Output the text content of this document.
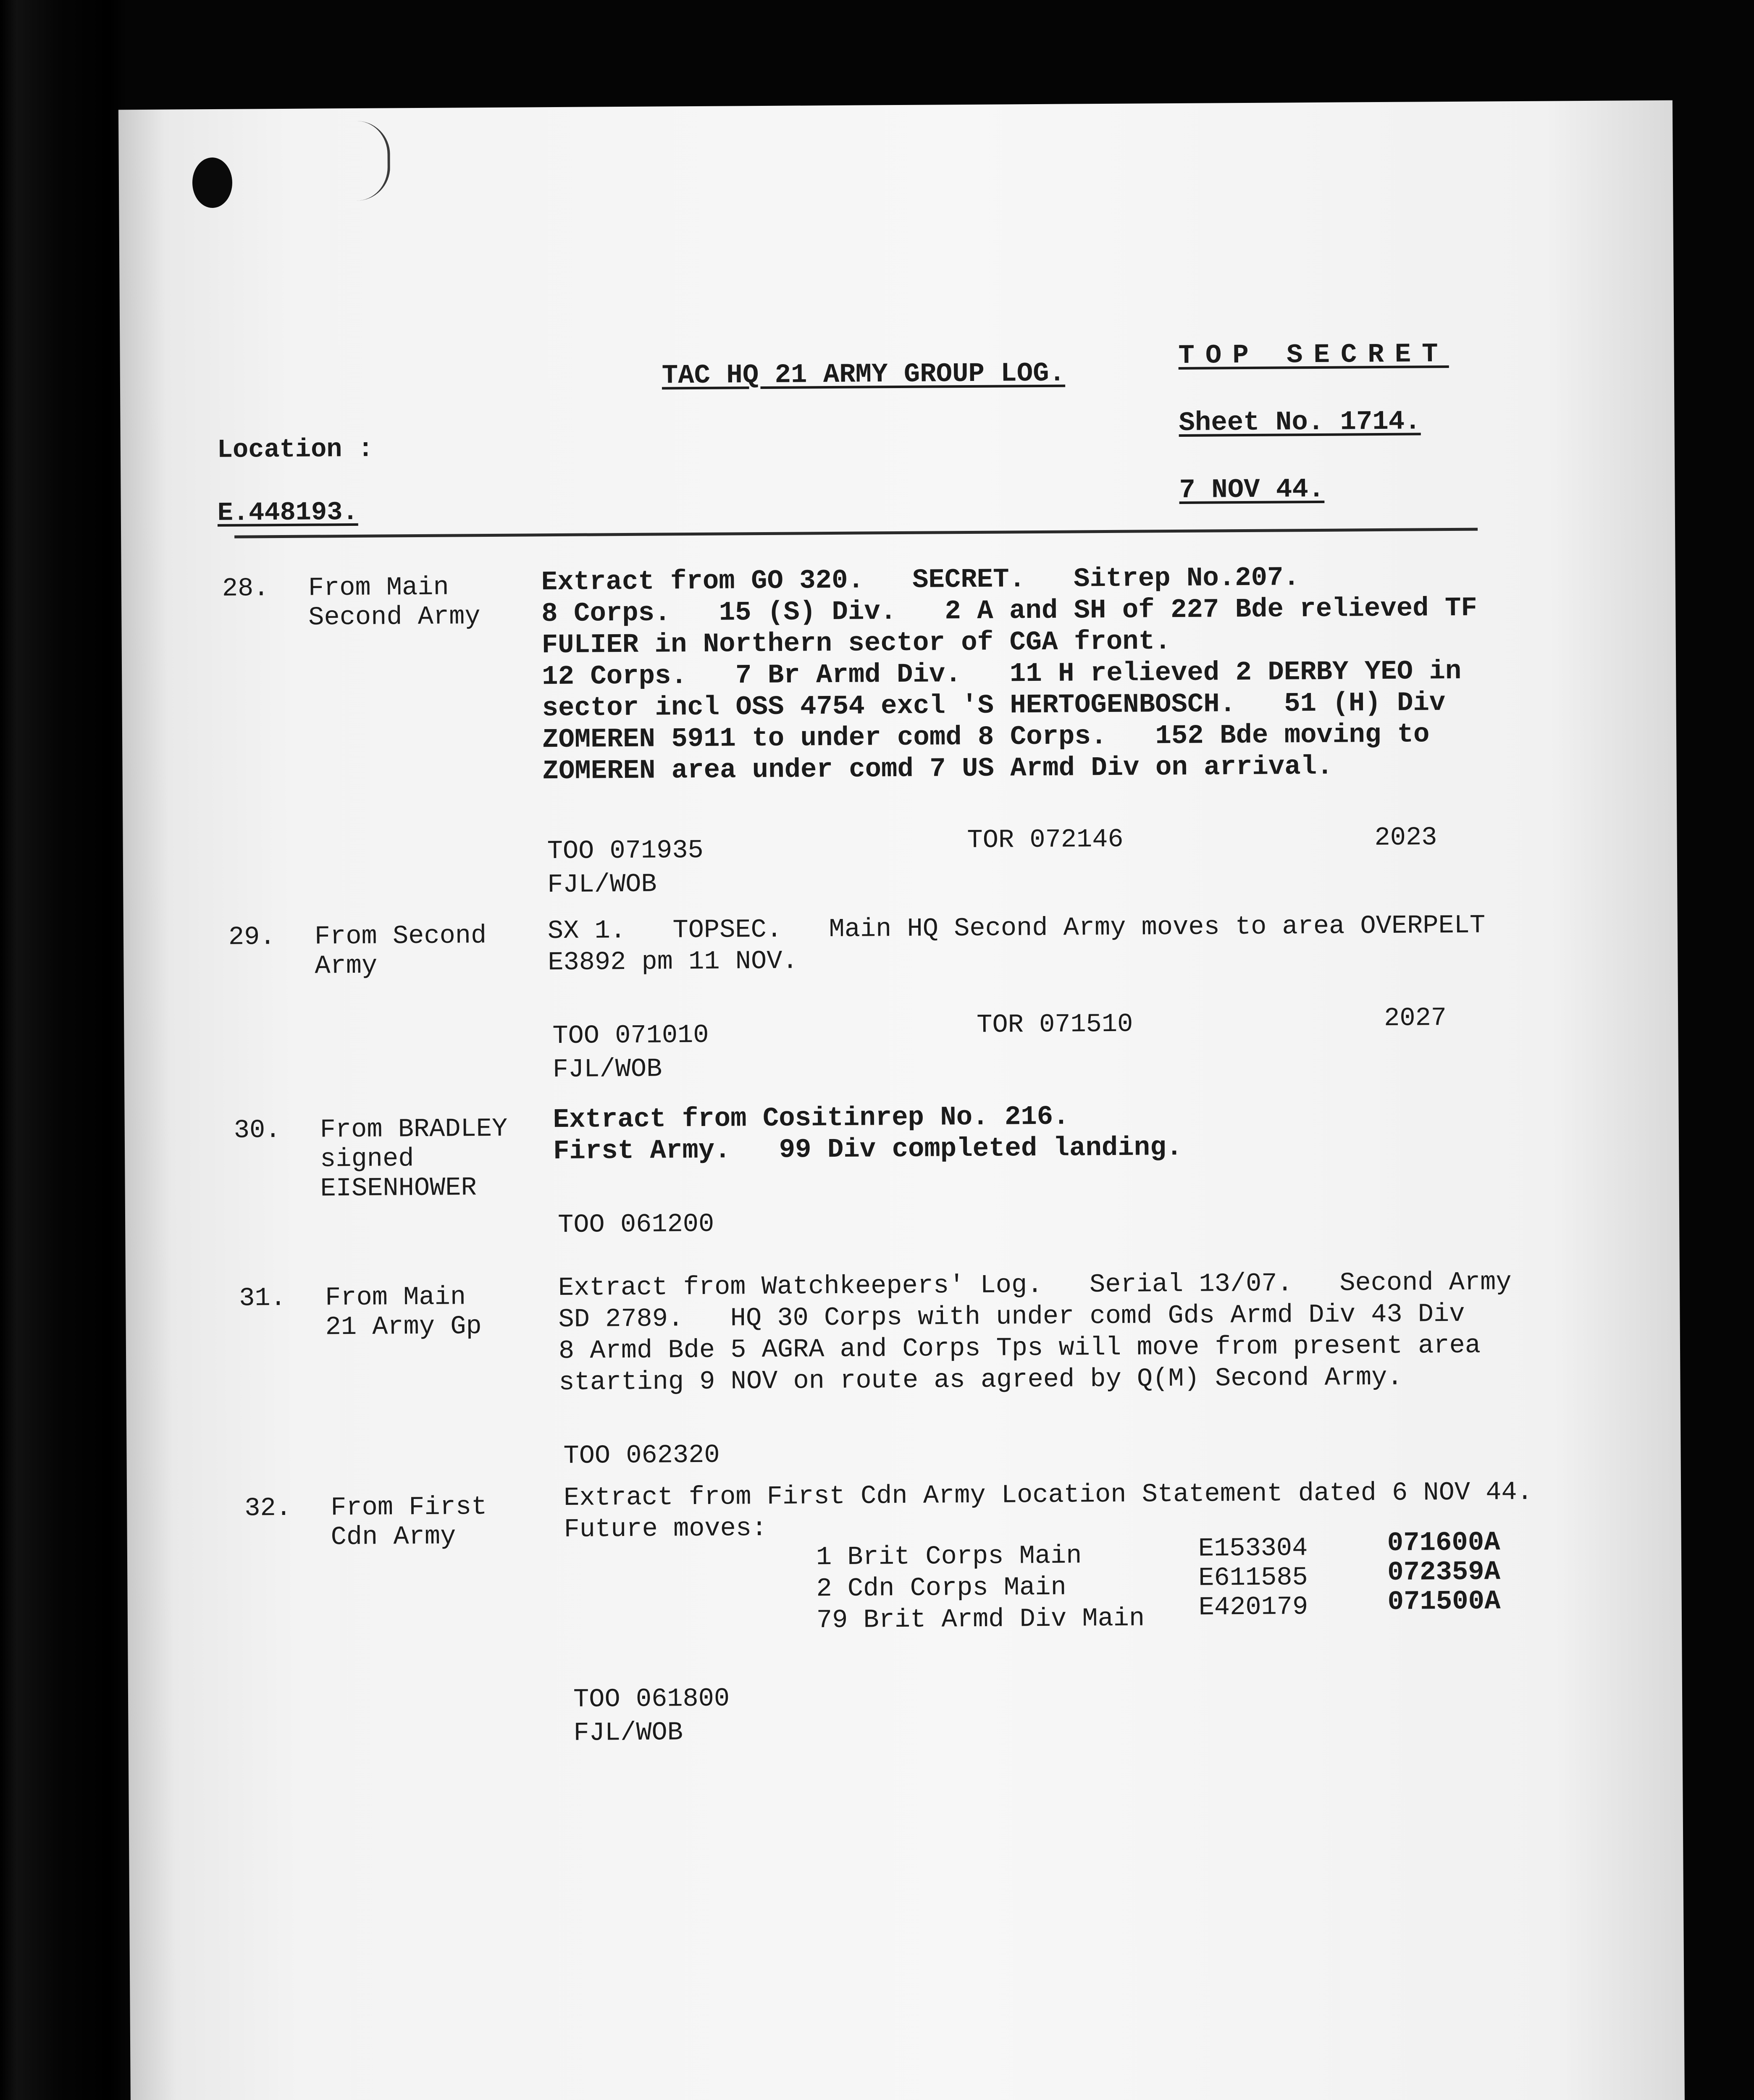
TAC HQ 21 ARMY GROUP LOG.
TOP SECRET
Sheet No. 1714.
7 NOV 44.
Location :
E.448193.
28. From Main
Second Army
Extract from GO 320.   SECRET.   Sitrep No.207.
8 Corps.   15 (S) Div.   2 A and SH of 227 Bde relieved TF
FULIER in Northern sector of CGA front.
12 Corps.   7 Br Armd Div.   11 H relieved 2 DERBY YEO in
sector incl OSS 4754 excl 'S HERTOGENBOSCH.   51 (H) Div
ZOMEREN 5911 to under comd 8 Corps.   152 Bde moving to
ZOMEREN area under comd 7 US Armd Div on arrival.
TOO 071935	TOR 072146	2023
FJL/WOB
29. From Second
Army
SX 1.   TOPSEC.   Main HQ Second Army moves to area OVERPELT
E3892 pm 11 NOV.
TOO 071010	TOR 071510	2027
FJL/WOB
30. From BRADLEY
signed
EISENHOWER
Extract from Cositinrep No. 216.
First Army.   99 Div completed landing.
TOO 061200
31. From Main
21 Army Gp
Extract from Watchkeepers' Log.   Serial 13/07.   Second Army
SD 2789.   HQ 30 Corps with under comd Gds Armd Div 43 Div
8 Armd Bde 5 AGRA and Corps Tps will move from present area
starting 9 NOV on route as agreed by Q(M) Second Army.
TOO 062320
32. From First
Cdn Army
Extract from First Cdn Army Location Statement dated 6 NOV 44.
Future moves:
1 Brit Corps Main	E153304	071600A
2 Cdn Corps Main	E611585	072359A
79 Brit Armd Div Main E420179	071500A
TOO 061800
FJL/WOB
